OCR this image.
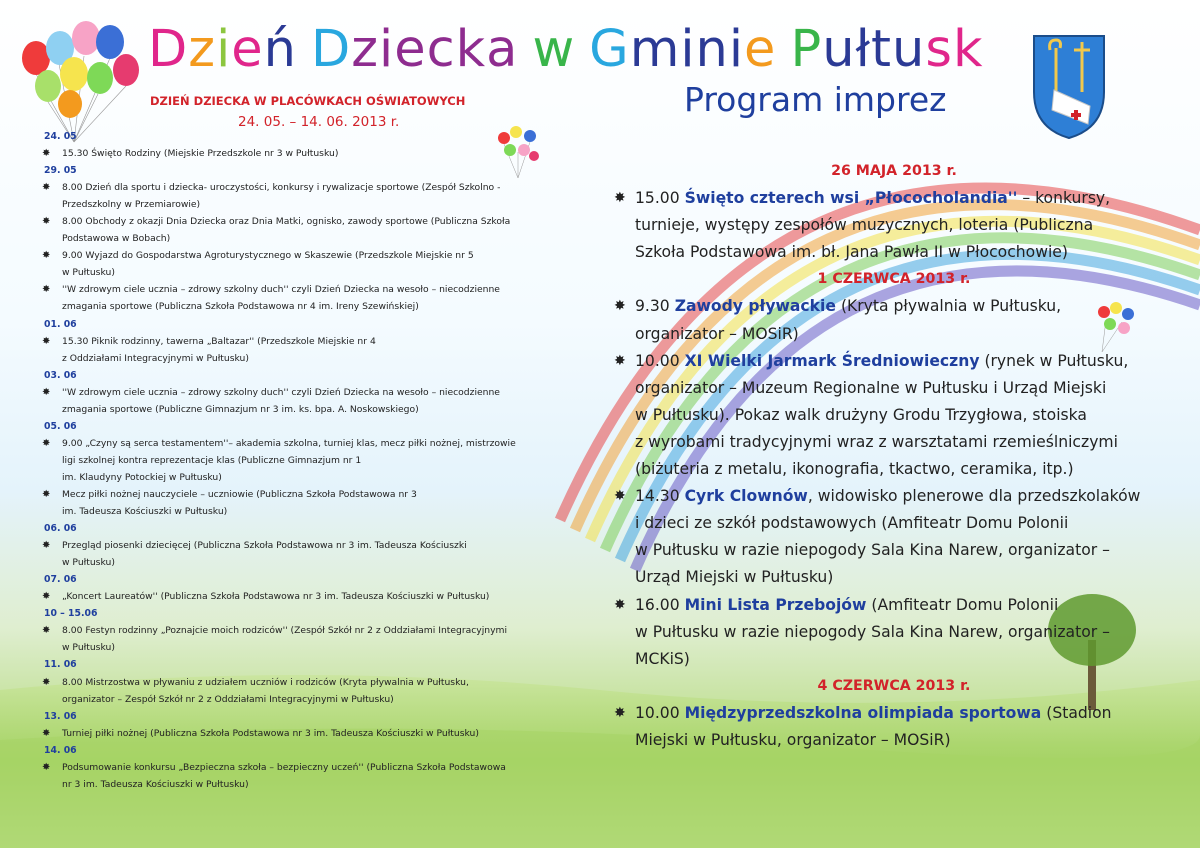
Dzień Dziecka w Gminie Pułtusk
Program imprez
DZIEŃ DZIECKA W PLACÓWKACH OŚWIATOWYCH
24. 05. – 14. 06. 2013 r.
24. 05
✸ 15.30 Święto Rodziny (Miejskie Przedszkole nr 3 w Pułtusku)
29. 05
✸ 8.00 Dzień dla sportu i dziecka- uroczystości, konkursy i rywalizacje sportowe (Zespół Szkolno -
Przedszkolny w Przemiarowie)
✸ 8.00 Obchody z okazji Dnia Dziecka oraz Dnia Matki, ognisko, zawody sportowe (Publiczna Szkoła
Podstawowa w Bobach)
✸ 9.00 Wyjazd do Gospodarstwa Agroturystycznego w Skaszewie (Przedszkole Miejskie nr 5
w Pułtusku)
✸ ''W zdrowym ciele ucznia – zdrowy szkolny duch'' czyli Dzień Dziecka na wesoło – niecodzienne
zmagania sportowe (Publiczna Szkoła Podstawowa nr 4 im. Ireny Szewińskiej)
01. 06
✸ 15.30 Piknik rodzinny, tawerna „Baltazar'' (Przedszkole Miejskie nr 4
z Oddziałami Integracyjnymi w Pułtusku)
03. 06
✸ ''W zdrowym ciele ucznia – zdrowy szkolny duch'' czyli Dzień Dziecka na wesoło – niecodzienne
zmagania sportowe (Publiczne Gimnazjum nr 3 im. ks. bpa. A. Noskowskiego)
05. 06
✸ 9.00 „Czyny są serca testamentem''– akademia szkolna, turniej klas, mecz piłki nożnej, mistrzowie
ligi szkolnej kontra reprezentacje klas (Publiczne Gimnazjum nr 1
im. Klaudyny Potockiej w Pułtusku)
✸ Mecz piłki nożnej nauczyciele – uczniowie (Publiczna Szkoła Podstawowa nr 3
im. Tadeusza Kościuszki w Pułtusku)
06. 06
✸ Przegląd piosenki dziecięcej (Publiczna Szkoła Podstawowa nr 3 im. Tadeusza Kościuszki
w Pułtusku)
07. 06
✸ „Koncert Laureatów'' (Publiczna Szkoła Podstawowa nr 3 im. Tadeusza Kościuszki w Pułtusku)
10 – 15.06
✸ 8.00 Festyn rodzinny „Poznajcie moich rodziców'' (Zespół Szkół nr 2 z Oddziałami Integracyjnymi
w Pułtusku)
11. 06
✸ 8.00 Mistrzostwa w pływaniu z udziałem uczniów i rodziców (Kryta pływalnia w Pułtusku,
organizator – Zespół Szkół nr 2 z Oddziałami Integracyjnymi w Pułtusku)
13. 06
✸ Turniej piłki nożnej (Publiczna Szkoła Podstawowa nr 3 im. Tadeusza Kościuszki w Pułtusku)
14. 06
✸ Podsumowanie konkursu „Bezpieczna szkoła – bezpieczny uczeń'' (Publiczna Szkoła Podstawowa
nr 3 im. Tadeusza Kościuszki w Pułtusku)
26 MAJA 2013 r.
✸ 15.00 Święto czterech wsi „Płococholandia'' – konkursy,
turnieje, występy zespołów muzycznych, loteria (Publiczna
Szkoła Podstawowa im. bł. Jana Pawła II w Płocochowie)
1 CZERWCA 2013 r.
✸ 9.30 Zawody pływackie (Kryta pływalnia w Pułtusku,
organizator – MOSiR)
✸ 10.00 XI Wielki Jarmark Średniowieczny (rynek w Pułtusku,
organizator – Muzeum Regionalne w Pułtusku i Urząd Miejski
w Pułtusku). Pokaz walk drużyny Grodu Trzygłowa, stoiska
z wyrobami tradycyjnymi wraz z warsztatami rzemieślniczymi
(biżuteria z metalu, ikonografia, tkactwo, ceramika, itp.)
✸ 14.30 Cyrk Clownów, widowisko plenerowe dla przedszkolaków
i dzieci ze szkół podstawowych (Amfiteatr Domu Polonii
w Pułtusku w razie niepogody Sala Kina Narew, organizator –
Urząd Miejski w Pułtusku)
✸ 16.00 Mini Lista Przebojów (Amfiteatr Domu Polonii
w Pułtusku w razie niepogody Sala Kina Narew, organizator –
MCKiS)
4 CZERWCA 2013 r.
✸ 10.00 Międzyprzedszkolna olimpiada sportowa (Stadion
Miejski w Pułtusku, organizator – MOSiR)
